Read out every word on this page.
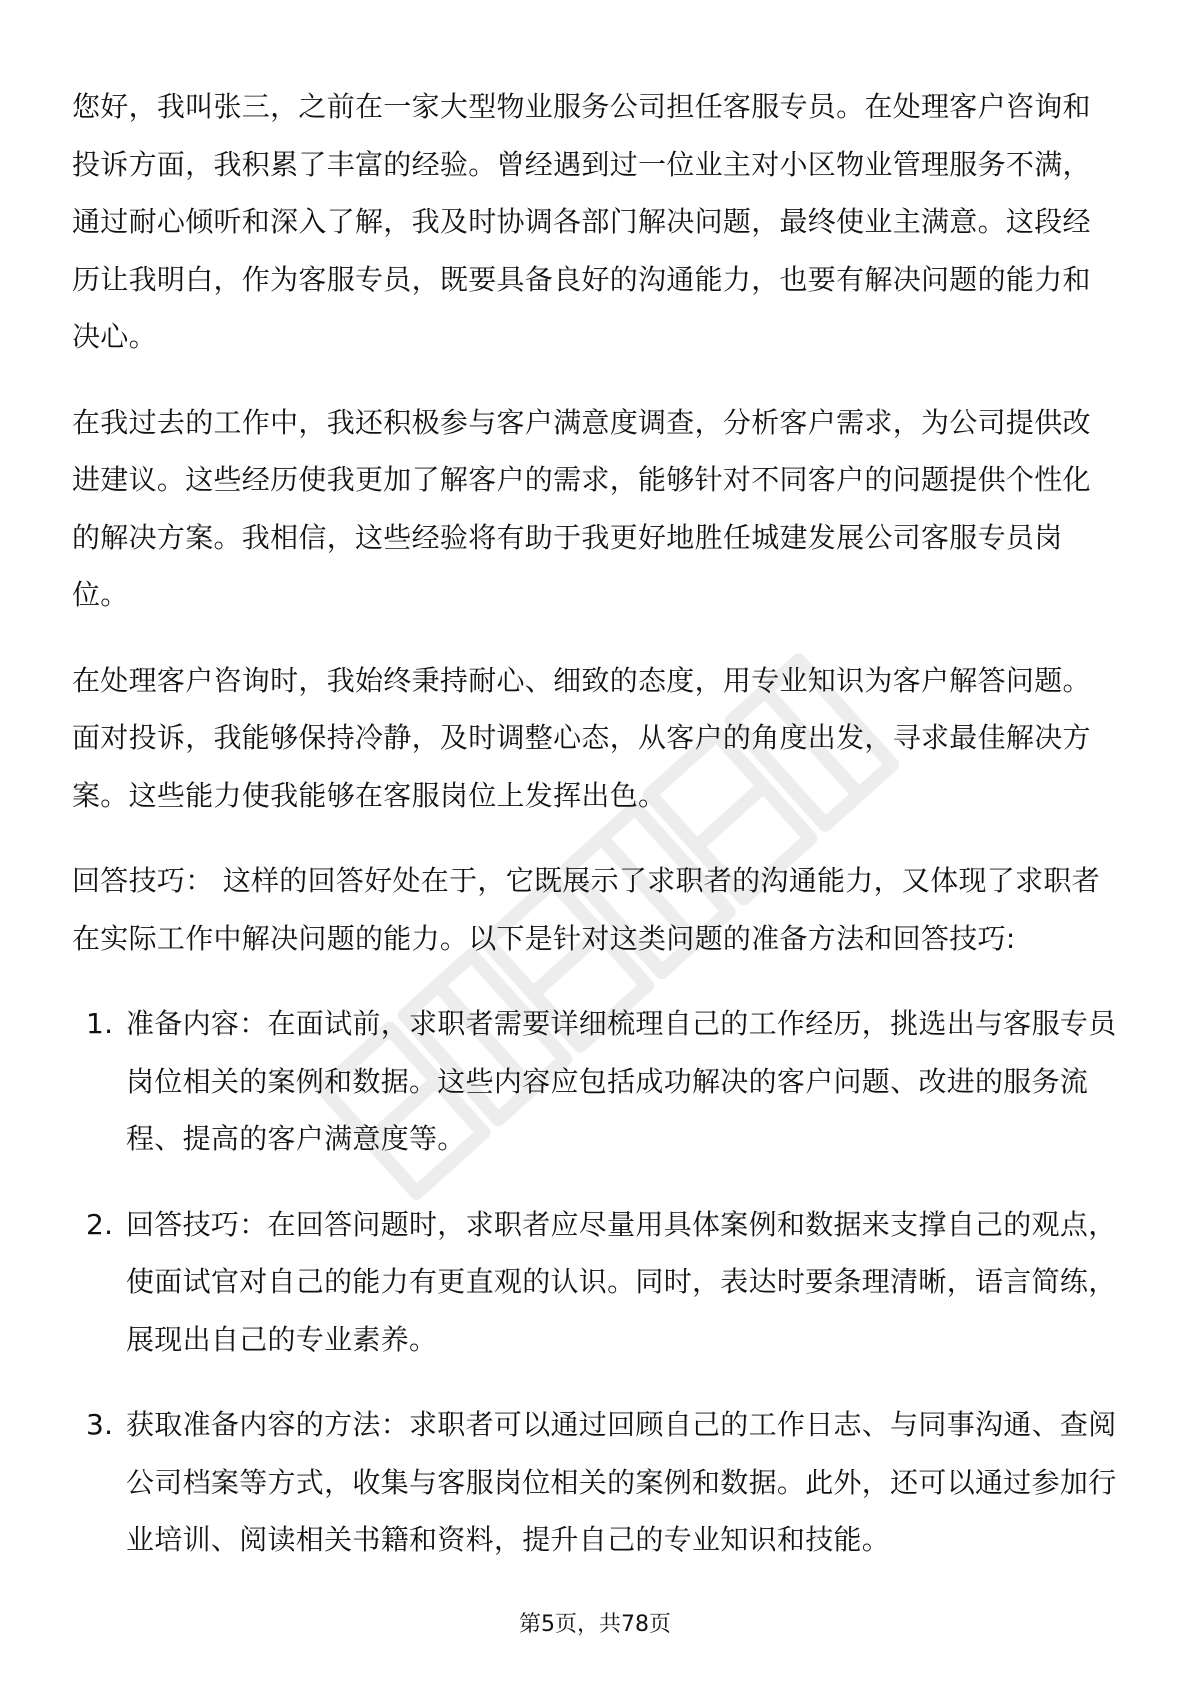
您好，我叫张三，之前在一家大型物业服务公司担任客服专员。在处理客户咨询和投诉方面，我积累了丰富的经验。曾经遇到过一位业主对小区物业管理服务不满，通过耐心倾听和深入了解，我及时协调各部门解决问题，最终使业主满意。这段经历让我明白，作为客服专员，既要具备良好的沟通能力，也要有解决问题的能力和决心。

在我过去的工作中，我还积极参与客户满意度调查，分析客户需求，为公司提供改进建议。这些经历使我更加了解客户的需求，能够针对不同客户的问题提供个性化的解决方案。我相信，这些经验将有助于我更好地胜任城建发展公司客服专员岗位。

在处理客户咨询时，我始终秉持耐心、细致的态度，用专业知识为客户解答问题。面对投诉，我能够保持冷静，及时调整心态，从客户的角度出发，寻求最佳解决方案。这些能力使我能够在客服岗位上发挥出色。

回答技巧： 这样的回答好处在于，它既展示了求职者的沟通能力，又体现了求职者在实际工作中解决问题的能力。以下是针对这类问题的准备方法和回答技巧:

1. 准备内容：在面试前，求职者需要详细梳理自己的工作经历，挑选出与客服专员岗位相关的案例和数据。这些内容应包括成功解决的客户问题、改进的服务流程、提高的客户满意度等。
2. 回答技巧：在回答问题时，求职者应尽量用具体案例和数据来支撑自己的观点，使面试官对自己的能力有更直观的认识。同时，表达时要条理清晰，语言简练，展现出自己的专业素养。
3. 获取准备内容的方法：求职者可以通过回顾自己的工作日志、与同事沟通、查阅公司档案等方式，收集与客服岗位相关的案例和数据。此外，还可以通过参加行业培训、阅读相关书籍和资料，提升自己的专业知识和技能。
第5页，共78页
